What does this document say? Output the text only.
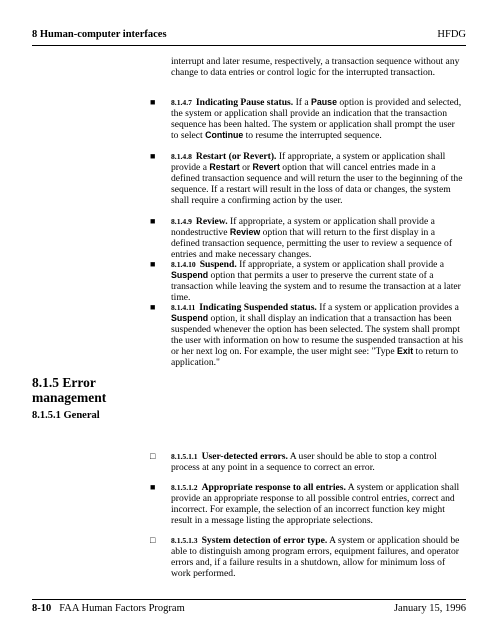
8 Human-computer interfaces	HFDG

interrupt and later resume, respectively, a transaction sequence without any change to data entries or control logic for the interrupted transaction.

■

8.1.4.7 Indicating Pause status. If a Pause option is provided and selected, the system or application shall provide an indication that the transaction sequence has been halted. The system or application shall prompt the user to select Continue to resume the interrupted sequence.

■

8.1.4.8 Restart (or Revert). If appropriate, a system or application shall provide a Restart or Revert option that will cancel entries made in a defined transaction sequence and will return the user to the beginning of the sequence. If a restart will result in the loss of data or changes, the system shall require a confirming action by the user.

■

8.1.4.9 Review. If appropriate, a system or application shall provide a nondestructive Review option that will return to the first display in a defined transaction sequence, permitting the user to review a sequence of entries and make necessary changes.

■

8.1.4.10 Suspend. If appropriate, a system or application shall provide a Suspend option that permits a user to preserve the current state of a transaction while leaving the system and to resume the transaction at a later time.

■

8.1.4.11 Indicating Suspended status. If a system or application provides a Suspend option, it shall display an indication that a transaction has been suspended whenever the option has been selected. The system shall prompt the user with information on how to resume the suspended transaction at his or her next log on. For example, the user might see: "Type Exit to return to application."

8.1.5 Error management
8.1.5.1 General
□

8.1.5.1.1 User-detected errors. A user should be able to stop a control process at any point in a sequence to correct an error.

■

8.1.5.1.2 Appropriate response to all entries. A system or application shall provide an appropriate response to all possible control entries, correct and incorrect. For example, the selection of an incorrect function key might result in a message listing the appropriate selections.

□

8.1.5.1.3 System detection of error type. A system or application should be able to distinguish among program errors, equipment failures, and operator errors and, if a failure results in a shutdown, allow for minimum loss of work performed.

8-10 FAA Human Factors Program	January 15, 1996
